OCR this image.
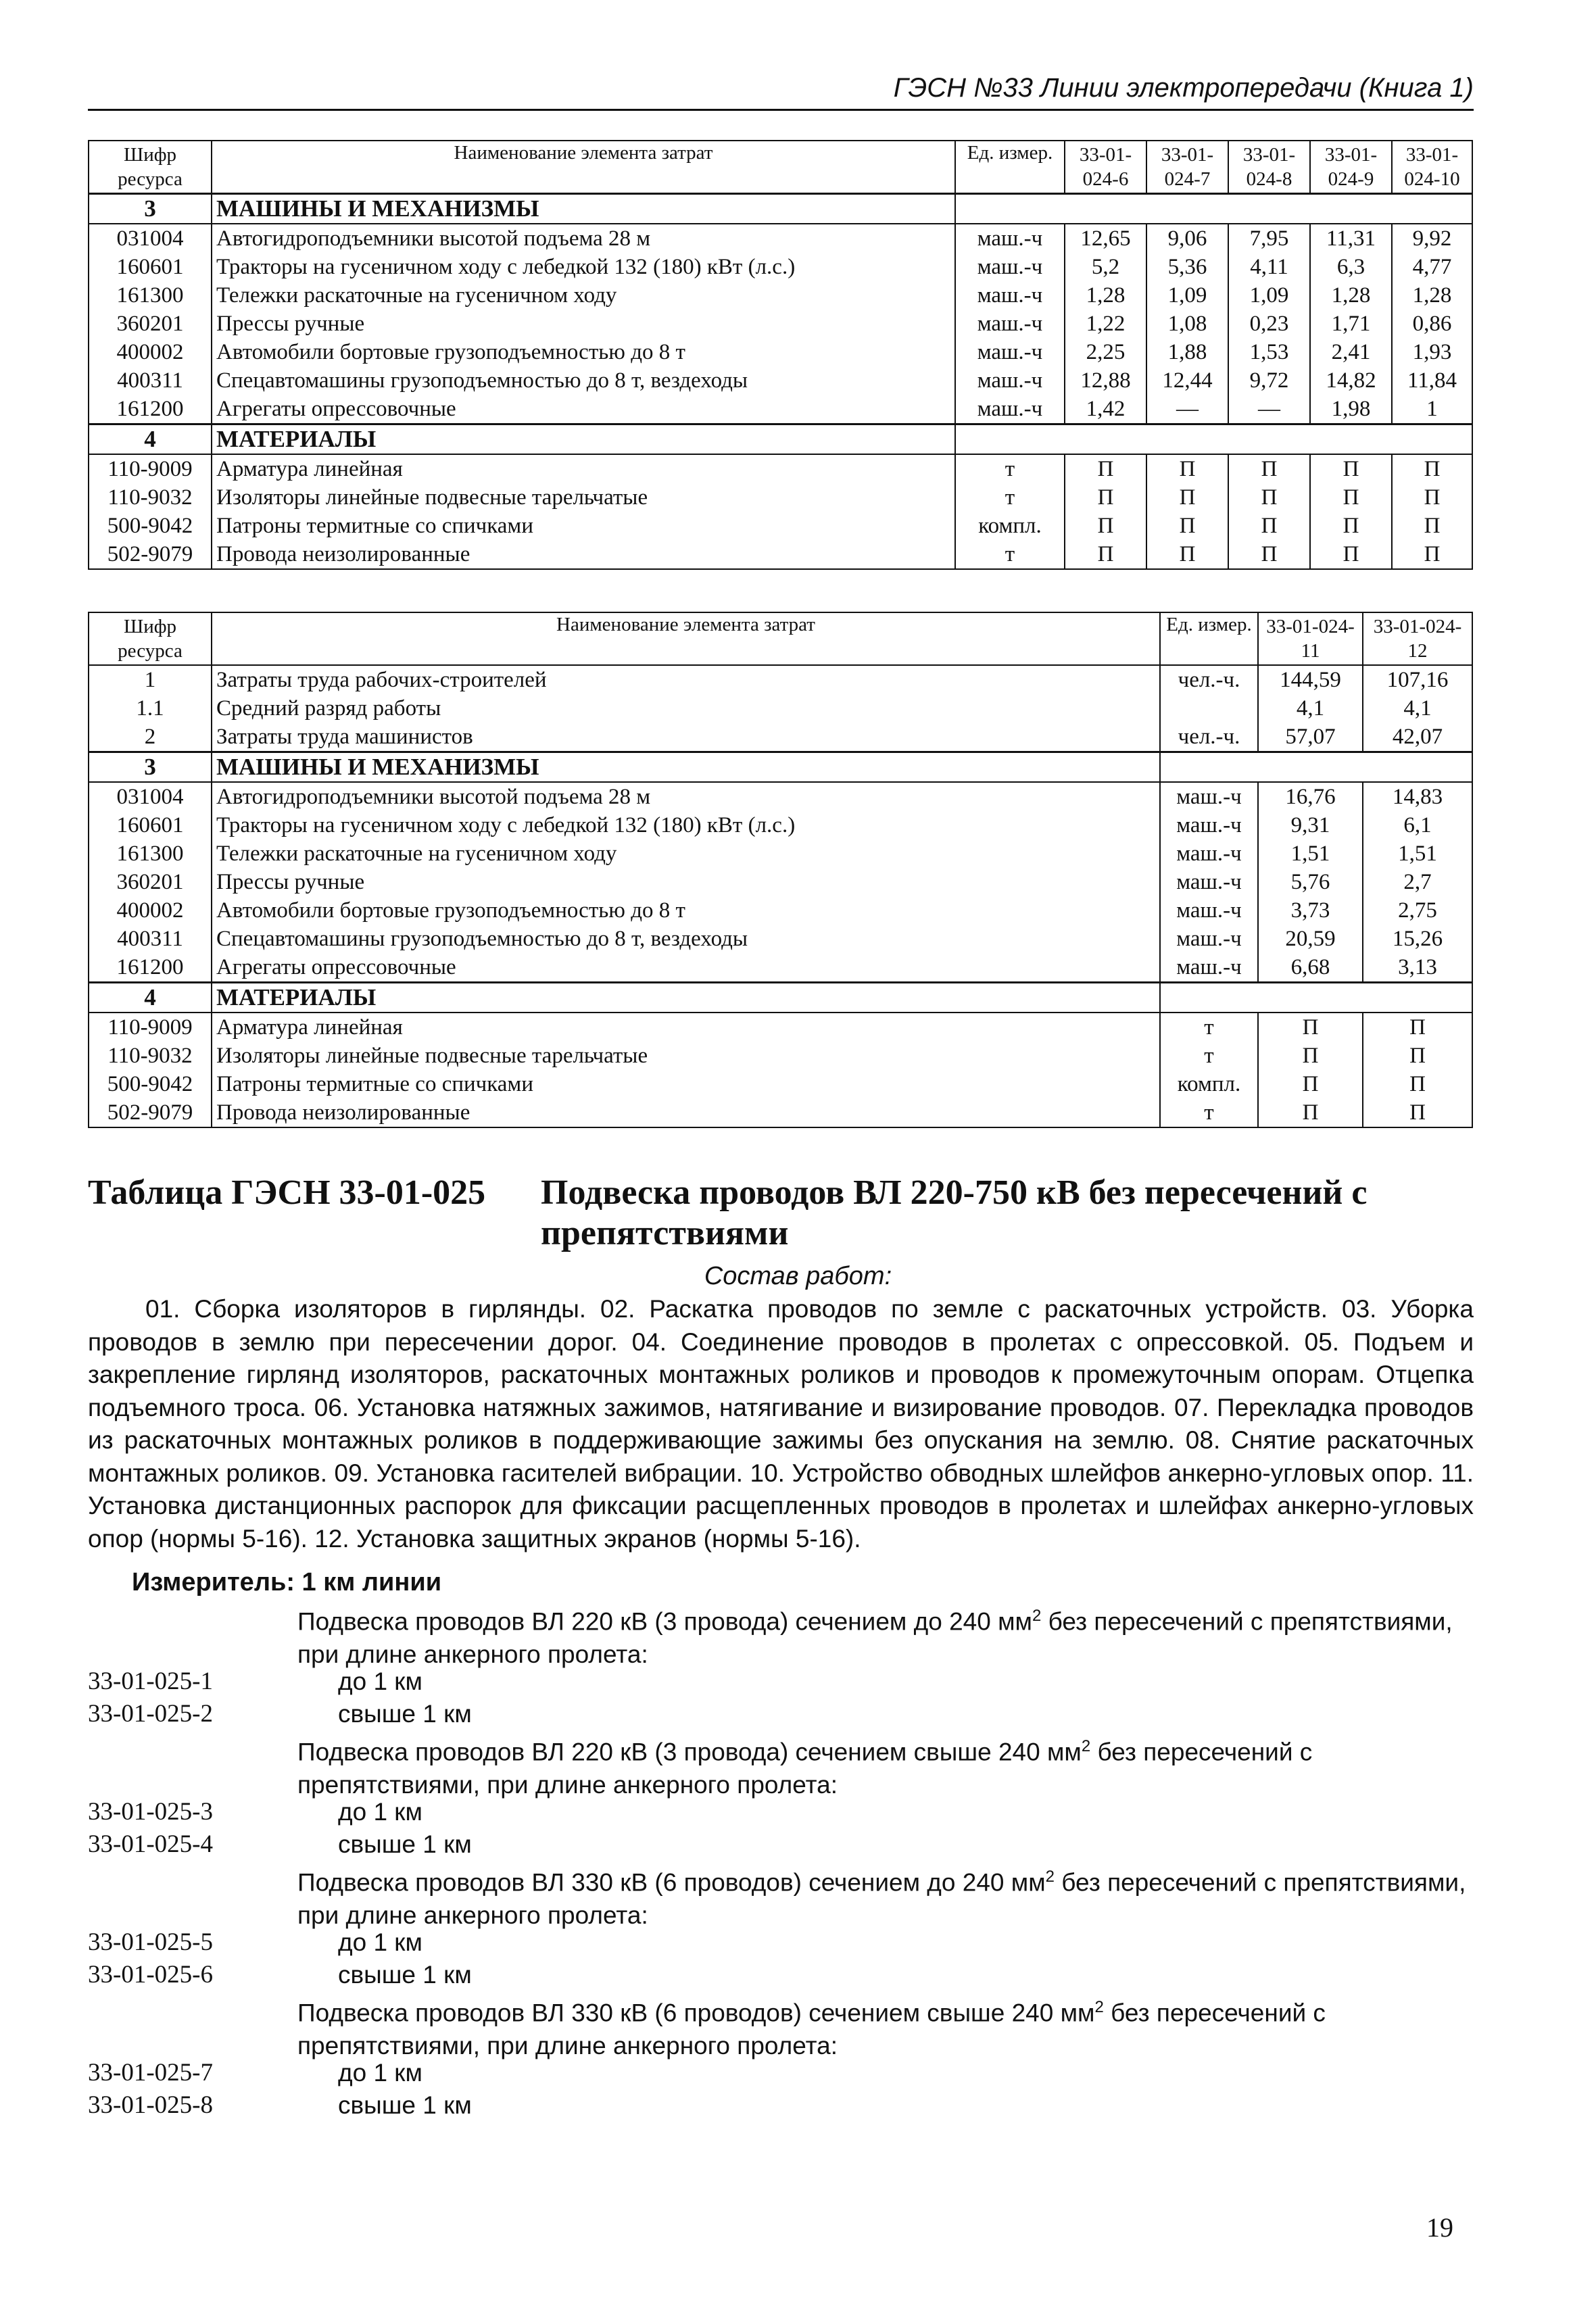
ГЭСН №33 Линии электропередачи (Книга 1)
Шифр ресурса	Наименование элемента затрат	Ед. измер.	33-01-024-6	33-01-024-7	33-01-024-8	33-01-024-9	33-01-024-10
3	МАШИНЫ И МЕХАНИЗМЫ						
031004	Автогидроподъемники высотой подъема 28 м	маш.-ч	12,65	9,06	7,95	11,31	9,92
160601	Тракторы на гусеничном ходу с лебедкой 132 (180) кВт (л.с.)	маш.-ч	5,2	5,36	4,11	6,3	4,77
161300	Тележки раскаточные на гусеничном ходу	маш.-ч	1,28	1,09	1,09	1,28	1,28
360201	Прессы ручные	маш.-ч	1,22	1,08	0,23	1,71	0,86
400002	Автомобили бортовые грузоподъемностью до 8 т	маш.-ч	2,25	1,88	1,53	2,41	1,93
400311	Спецавтомашины грузоподъемностью до 8 т, вездеходы	маш.-ч	12,88	12,44	9,72	14,82	11,84
161200	Агрегаты опрессовочные	маш.-ч	1,42	—	—	1,98	1
4	МАТЕРИАЛЫ						
110-9009	Арматура линейная	т	П	П	П	П	П
110-9032	Изоляторы линейные подвесные тарельчатые	т	П	П	П	П	П
500-9042	Патроны термитные со спичками	компл.	П	П	П	П	П
502-9079	Провода неизолированные	т	П	П	П	П	П
Шифр ресурса	Наименование элемента затрат	Ед. измер.	33-01-024-11	33-01-024-12
1	Затраты труда рабочих-строителей	чел.-ч.	144,59	107,16
1.1	Средний разряд работы		4,1	4,1
2	Затраты труда машинистов	чел.-ч.	57,07	42,07
3	МАШИНЫ И МЕХАНИЗМЫ			
031004	Автогидроподъемники высотой подъема 28 м	маш.-ч	16,76	14,83
160601	Тракторы на гусеничном ходу с лебедкой 132 (180) кВт (л.с.)	маш.-ч	9,31	6,1
161300	Тележки раскаточные на гусеничном ходу	маш.-ч	1,51	1,51
360201	Прессы ручные	маш.-ч	5,76	2,7
400002	Автомобили бортовые грузоподъемностью до 8 т	маш.-ч	3,73	2,75
400311	Спецавтомашины грузоподъемностью до 8 т, вездеходы	маш.-ч	20,59	15,26
161200	Агрегаты опрессовочные	маш.-ч	6,68	3,13
4	МАТЕРИАЛЫ			
110-9009	Арматура линейная	т	П	П
110-9032	Изоляторы линейные подвесные тарельчатые	т	П	П
500-9042	Патроны термитные со спичками	компл.	П	П
502-9079	Провода неизолированные	т	П	П
Таблица ГЭСН 33-01-025 Подвеска проводов ВЛ 220-750 кВ без пересечений с препятствиями
Состав работ:
01. Сборка изоляторов в гирлянды. 02. Раскатка проводов по земле с раскаточных устройств. 03. Уборка проводов в землю при пересечении дорог. 04. Соединение проводов в пролетах с опрессовкой. 05. Подъем и закрепление гирлянд изоляторов, раскаточных монтажных роликов и проводов к промежуточным опорам. Отцепка подъемного троса. 06. Установка натяжных зажимов, натягивание и визирование проводов. 07. Перекладка проводов из раскаточных монтажных роликов в поддерживающие зажимы без опускания на землю. 08. Снятие раскаточных монтажных роликов. 09. Установка гасителей вибрации. 10. Устройство обводных шлейфов анкерно-угловых опор. 11. Установка дистанционных распорок для фиксации расщепленных проводов в пролетах и шлейфах анкерно-угловых опор (нормы 5-16). 12. Установка защитных экранов (нормы 5-16).
Измеритель: 1 км линии
Подвеска проводов ВЛ 220 кВ (3 провода) сечением до 240 $мм^2$ без пересечений с препятствиями, при длине анкерного пролета:
33-01-025-1	до 1 км
33-01-025-2	свыше 1 км
Подвеска проводов ВЛ 220 кВ (3 провода) сечением свыше 240 $мм^2$ без пересечений с препятствиями, при длине анкерного пролета:
33-01-025-3	до 1 км
33-01-025-4	свыше 1 км
Подвеска проводов ВЛ 330 кВ (6 проводов) сечением до 240 $мм^2$ без пересечений с препятствиями, при длине анкерного пролета:
33-01-025-5	до 1 км
33-01-025-6	свыше 1 км
Подвеска проводов ВЛ 330 кВ (6 проводов) сечением свыше 240 $мм^2$ без пересечений с препятствиями, при длине анкерного пролета:
33-01-025-7	до 1 км
33-01-025-8	свыше 1 км
19
